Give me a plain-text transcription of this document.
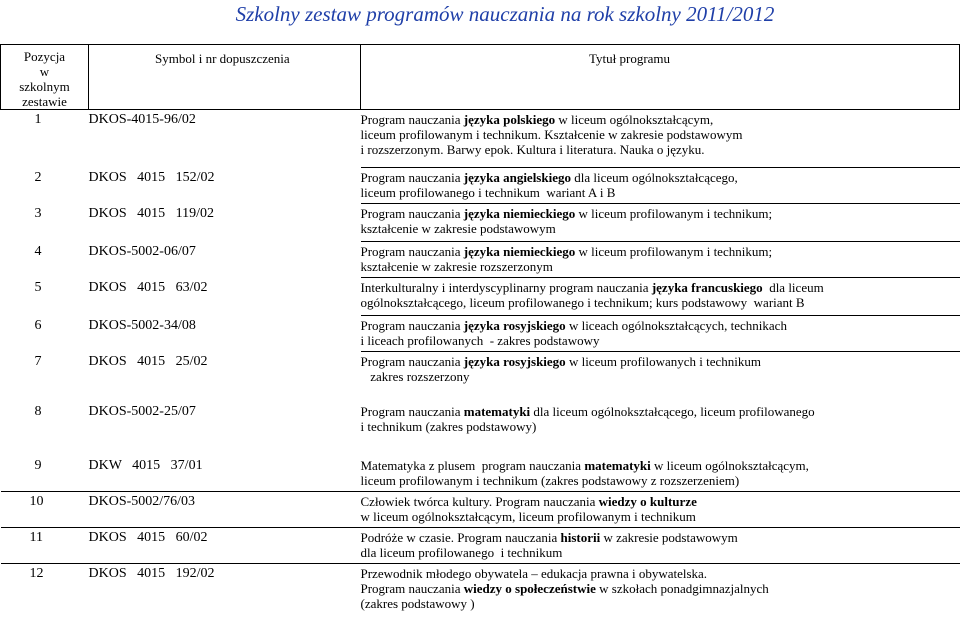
Szkolny zestaw programów nauczania na rok szkolny 2011/2012
Pozycja
w
szkolnym
zestawie	Symbol i nr dopuszczenia	Tytuł programu
1	DKOS-4015-96/02	Program nauczania języka polskiego w liceum ogólnokształcącym,
liceum profilowanym i technikum. Kształcenie w zakresie podstawowym
i rozszerzonym. Barwy epok. Kultura i literatura. Nauka o języku.

2	DKOS   4015   152/02	Program nauczania języka angielskiego dla liceum ogólnokształcącego,
liceum profilowanego i technikum  wariant A i B

3	DKOS   4015   119/02	Program nauczania języka niemieckiego w liceum profilowanym i technikum;
kształcenie w zakresie podstawowym

4	DKOS-5002-06/07	Program nauczania języka niemieckiego w liceum profilowanym i technikum;
kształcenie w zakresie rozszerzonym

5	DKOS   4015   63/02	Interkulturalny i interdyscyplinarny program nauczania języka francuskiego  dla liceum
ogólnokształcącego, liceum profilowanego i technikum; kurs podstawowy  wariant B

6	DKOS-5002-34/08	Program nauczania języka rosyjskiego w liceach ogólnokształcących, technikach
i liceach profilowanych  - zakres podstawowy

7	DKOS   4015   25/02	Program nauczania języka rosyjskiego w liceum profilowanych i technikum
zakres rozszerzony

8	DKOS-5002-25/07	Program nauczania matematyki dla liceum ogólnokształcącego, liceum profilowanego
i technikum (zakres podstawowy)

9	DKW   4015   37/01	Matematyka z plusem  program nauczania matematyki w liceum ogólnokształcącym,
liceum profilowanym i technikum (zakres podstawowy z rozszerzeniem)

10	DKOS-5002/76/03	Człowiek twórca kultury. Program nauczania wiedzy o kulturze
w liceum ogólnokształcącym, liceum profilowanym i technikum

11	DKOS   4015   60/02	Podróże w czasie. Program nauczania historii w zakresie podstawowym
dla liceum profilowanego  i technikum

12	DKOS   4015   192/02	Przewodnik młodego obywatela – edukacja prawna i obywatelska.
Program nauczania wiedzy o społeczeństwie w szkołach ponadgimnazjalnych
(zakres podstawowy )
